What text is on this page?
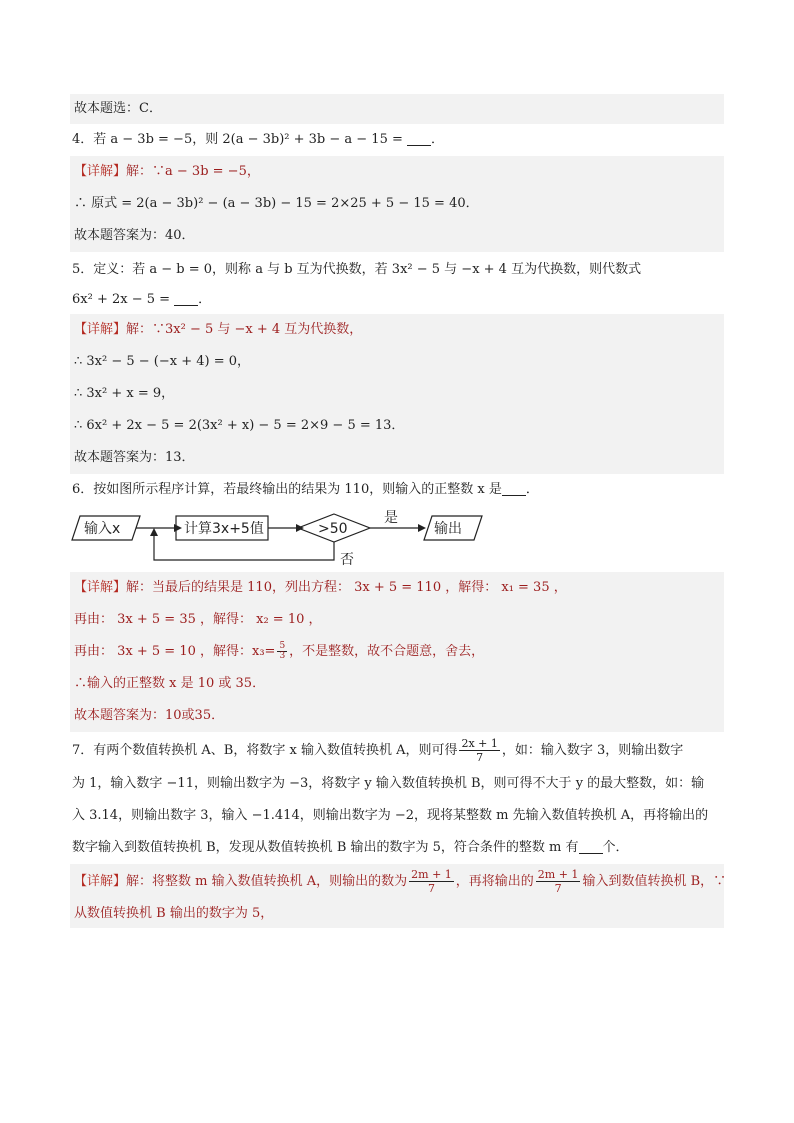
故本题选：C．
4．若 a − 3b = −5，则 2(a − 3b)² + 3b − a − 15 = ．
【详解】解：∵a − 3b = −5，
∴ 原式 = 2(a − 3b)² − (a − 3b) − 15 = 2×25 + 5 − 15 = 40．
故本题答案为：40．
5．定义：若 a − b = 0，则称 a 与 b 互为代换数，若 3x² − 5 与 −x + 4 互为代换数，则代数式
6x² + 2x − 5 = ．
【详解】解：∵3x² − 5 与 −x + 4 互为代换数，
∴ 3x² − 5 − (−x + 4) = 0，
∴ 3x² + x = 9，
∴ 6x² + 2x − 5 = 2(3x² + x) − 5 = 2×9 − 5 = 13．
故本题答案为：13．
6．按如图所示程序计算，若最终输出的结果为 110，则输入的正整数 x 是 ．
输入x	计算3x+5值	>50
是
输出
否
【详解】解：当最后的结果是 110，列出方程： 3x + 5 = 110 ，解得： x₁ = 35 ，
再由： 3x + 5 = 35 ，解得： x₂ = 10 ，
再由： 3x + 5 = 10 ，解得：$x_3= \frac{5}{3}$ ，不是整数，故不合题意，舍去，
∴输入的正整数 x 是 10 或 35．
故本题答案为：10或35．
7．有两个数值转换机 A、B，将数字 x 输入数值转换机 A，则可得 $\frac{2x + 1}{7}$ ，如：输入数字 3，则输出数字
为 1，输入数字 −11，则输出数字为 −3，将数字 y 输入数值转换机 B，则可得不大于 y 的最大整数，如：输
入 3.14，则输出数字 3，输入 −1.414，则输出数字为 −2，现将某整数 m 先输入数值转换机 A，再将输出的
数字输入到数值转换机 B，发现从数值转换机 B 输出的数字为 5，符合条件的整数 m 有 个．
【详解】解：将整数 m 输入数值转换机 A，则输出的数为 $\frac{2m + 1}{7}$ ，再将输出的 $\frac{2m + 1}{7}$ 输入到数值转换机 B，∵
从数值转换机 B 输出的数字为 5，
